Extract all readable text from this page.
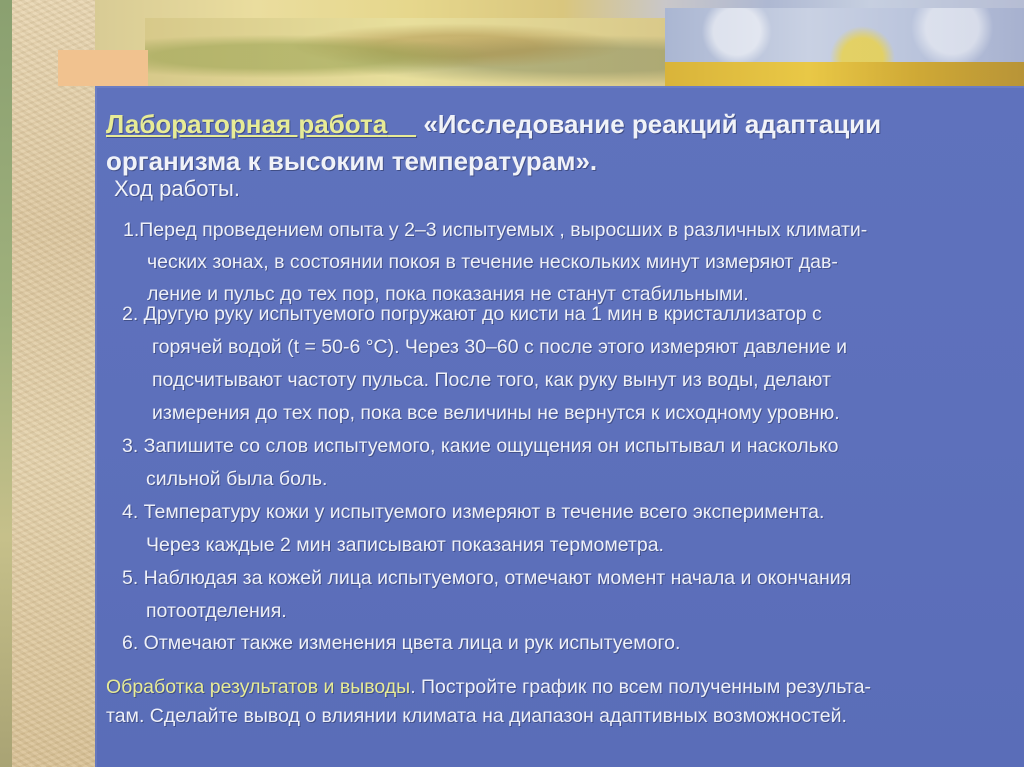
Лабораторная работа «Исследование реакций адаптации
организма к высоким температурам».

Ход работы.

1.Перед проведением опыта у 2–3 испытуемых , выросших в различных климати-
ческих зонах, в состоянии покоя в течение нескольких минут измеряют дав-
ление и пульс до тех пор, пока показания не станут стабильными.
2. Другую руку испытуемого погружают до кисти на 1 мин в кристаллизатор с
горячей водой (t = 50-6 °С). Через 30–60 с после этого измеряют давление и
подсчитывают частоту пульса. После того, как руку вынут из воды, делают
измерения до тех пор, пока все величины не вернутся к исходному уровню.
3. Запишите со слов испытуемого, какие ощущения он испытывал и насколько
сильной была боль.
4. Температуру кожи у испытуемого измеряют в течение всего эксперимента.
Через каждые 2 мин записывают показания термометра.
5. Наблюдая за кожей лица испытуемого, отмечают момент начала и окончания
потоотделения.
6. Отмечают также изменения цвета лица и рук испытуемого.
Обработка результатов и выводы. Постройте график по всем полученным результа-
там. Сделайте вывод о влиянии климата на диапазон адаптивных возможностей.
